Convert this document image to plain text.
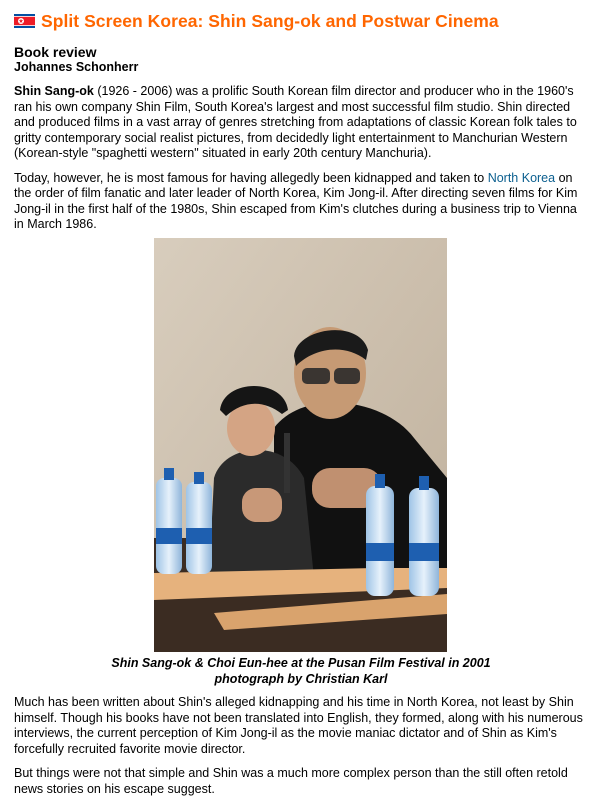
Split Screen Korea: Shin Sang-ok and Postwar Cinema
Book review
Johannes Schonherr

Shin Sang-ok (1926 - 2006) was a prolific South Korean film director and producer who in the 1960's ran his own company Shin Film, South Korea's largest and most successful film studio. Shin directed and produced films in a vast array of genres stretching from adaptations of classic Korean folk tales to gritty contemporary social realist pictures, from decidedly light entertainment to Manchurian Western (Korean-style "spaghetti western" situated in early 20th century Manchuria).

Today, however, he is most famous for having allegedly been kidnapped and taken to North Korea on the order of film fanatic and later leader of North Korea, Kim Jong-il. After directing seven films for Kim Jong-il in the first half of the 1980s, Shin escaped from Kim's clutches during a business trip to Vienna in March 1986.

Shin Sang-ok & Choi Eun-hee at the Pusan Film Festival in 2001
photograph by Christian Karl

Much has been written about Shin's alleged kidnapping and his time in North Korea, not least by Shin himself. Though his books have not been translated into English, they formed, along with his numerous interviews, the current perception of Kim Jong-il as the movie maniac dictator and of Shin as Kim's forcefully recruited favorite movie director.

But things were not that simple and Shin was a much more complex person than the still often retold news stories on his escape suggest.
